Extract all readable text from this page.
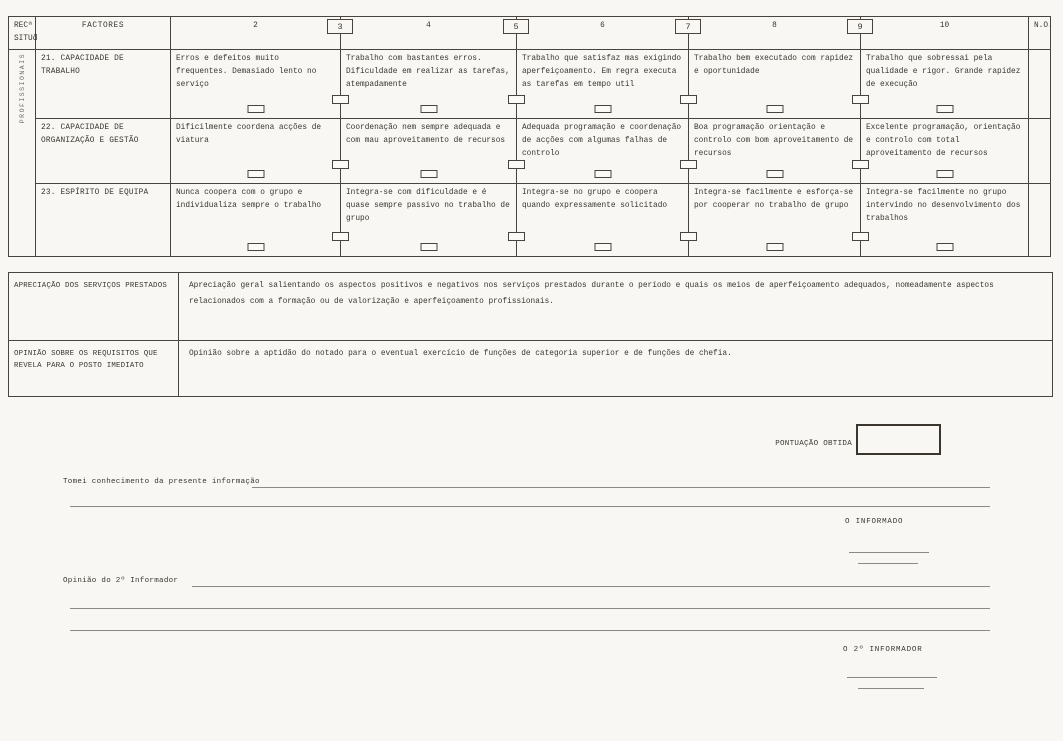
RECª
SITUƌ	FACTORES	2	4	6	8	10	N.O.
PROFISSIONAIS	21. CAPACIDADE DE TRABALHO	Erros e defeitos muito frequentes. Demasiado lento no serviço	Trabalho com bastantes erros. Dificuldade em realizar as tarefas, atempadamente	Trabalho que satisfaz mas exigindo aperfeiçoamento. Em regra executa as tarefas em tempo util	Trabalho bem executado com rapidez e oportunidade	Trabalho que sobressai pela qualidade e rigor. Grande rapidez de execução

	22. CAPACIDADE DE ORGANIZAÇÃO E GESTÃO	Dificilmente coordena acções de viatura	Coordenação nem sempre adequada e com mau aproveitamento de recursos	Adequada programação e coordenação de acções com algumas falhas de controlo	Boa programação orientação e controlo com bom aproveitamento de recursos	Excelente programação, orientação e controlo com total aproveitamento de recursos

	23. ESPÍRITO DE EQUIPA	Nunca coopera com o grupo e individualiza sempre o trabalho	Integra-se com dificuldade e é quase sempre passivo no trabalho de grupo	Integra-se no grupo e coopera quando expressamente solicitado	Integra-se facilmente e esforça-se por cooperar no trabalho de grupo	Integra-se facilmente no grupo intervindo no desenvolvimento dos trabalhos

3	5	7	9
APRECIAÇÃO DOS SERVIÇOS PRESTADOS	Apreciação geral salientando os aspectos positivos e negativos nos serviços prestados durante o período e quais os meios de aperfeiçoamento adequados, nomeadamente aspectos relacionados com a formação ou de valorização e aperfeiçoamento profissionais.
OPINIÃO SOBRE OS REQUISITOS QUE REVELA PARA O POSTO IMEDIATO	Opinião sobre a aptidão do notado para o eventual exercício de funções de categoria superior e de funções de chefia.
PONTUAÇÃO OBTIDA
Tomei conhecimento da presente informação
O INFORMADO
Opinião do 2º Informador
O 2º INFORMADOR
